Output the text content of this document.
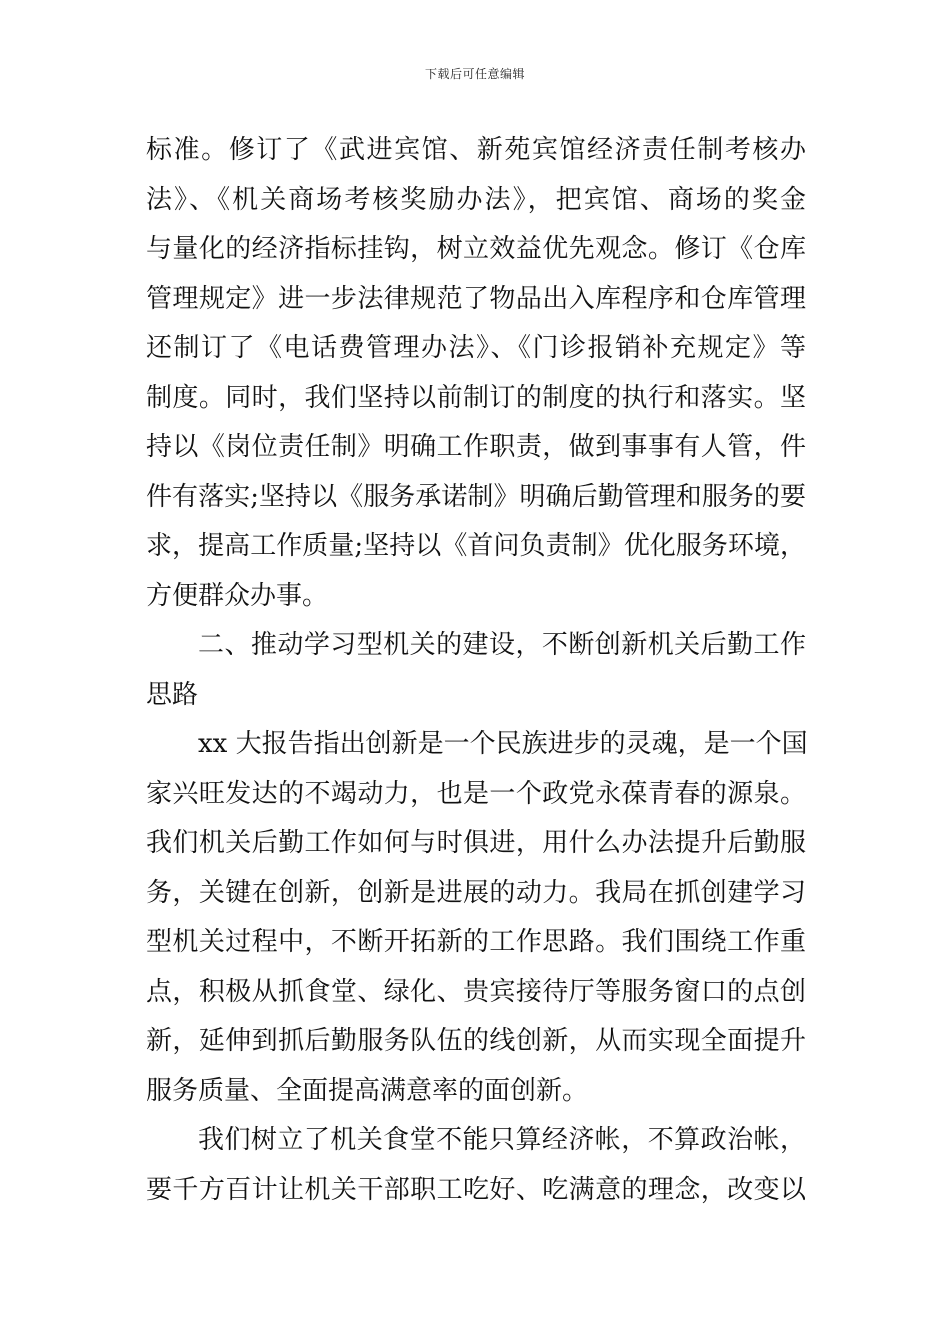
下载后可任意编辑
标准。修订了《武进宾馆、新苑宾馆经济责任制考核办
法》、《机关商场考核奖励办法》，把宾馆、商场的奖金
与量化的经济指标挂钩，树立效益优先观念。修订《仓库
管理规定》进一步法律规范了物品出入库程序和仓库管理
还制订了《电话费管理办法》、《门诊报销补充规定》等
制度。同时，我们坚持以前制订的制度的执行和落实。坚
持以《岗位责任制》明确工作职责，做到事事有人管，件
件有落实;坚持以《服务承诺制》明确后勤管理和服务的要
求，提高工作质量;坚持以《首问负责制》优化服务环境，
方便群众办事。
二、推动学习型机关的建设，不断创新机关后勤工作
思路
xx 大报告指出创新是一个民族进步的灵魂，是一个国
家兴旺发达的不竭动力，也是一个政党永葆青春的源泉。
我们机关后勤工作如何与时俱进，用什么办法提升后勤服
务，关键在创新，创新是进展的动力。我局在抓创建学习
型机关过程中，不断开拓新的工作思路。我们围绕工作重
点，积极从抓食堂、绿化、贵宾接待厅等服务窗口的点创
新，延伸到抓后勤服务队伍的线创新，从而实现全面提升
服务质量、全面提高满意率的面创新。
我们树立了机关食堂不能只算经济帐，不算政治帐，
要千方百计让机关干部职工吃好、吃满意的理念，改变以
